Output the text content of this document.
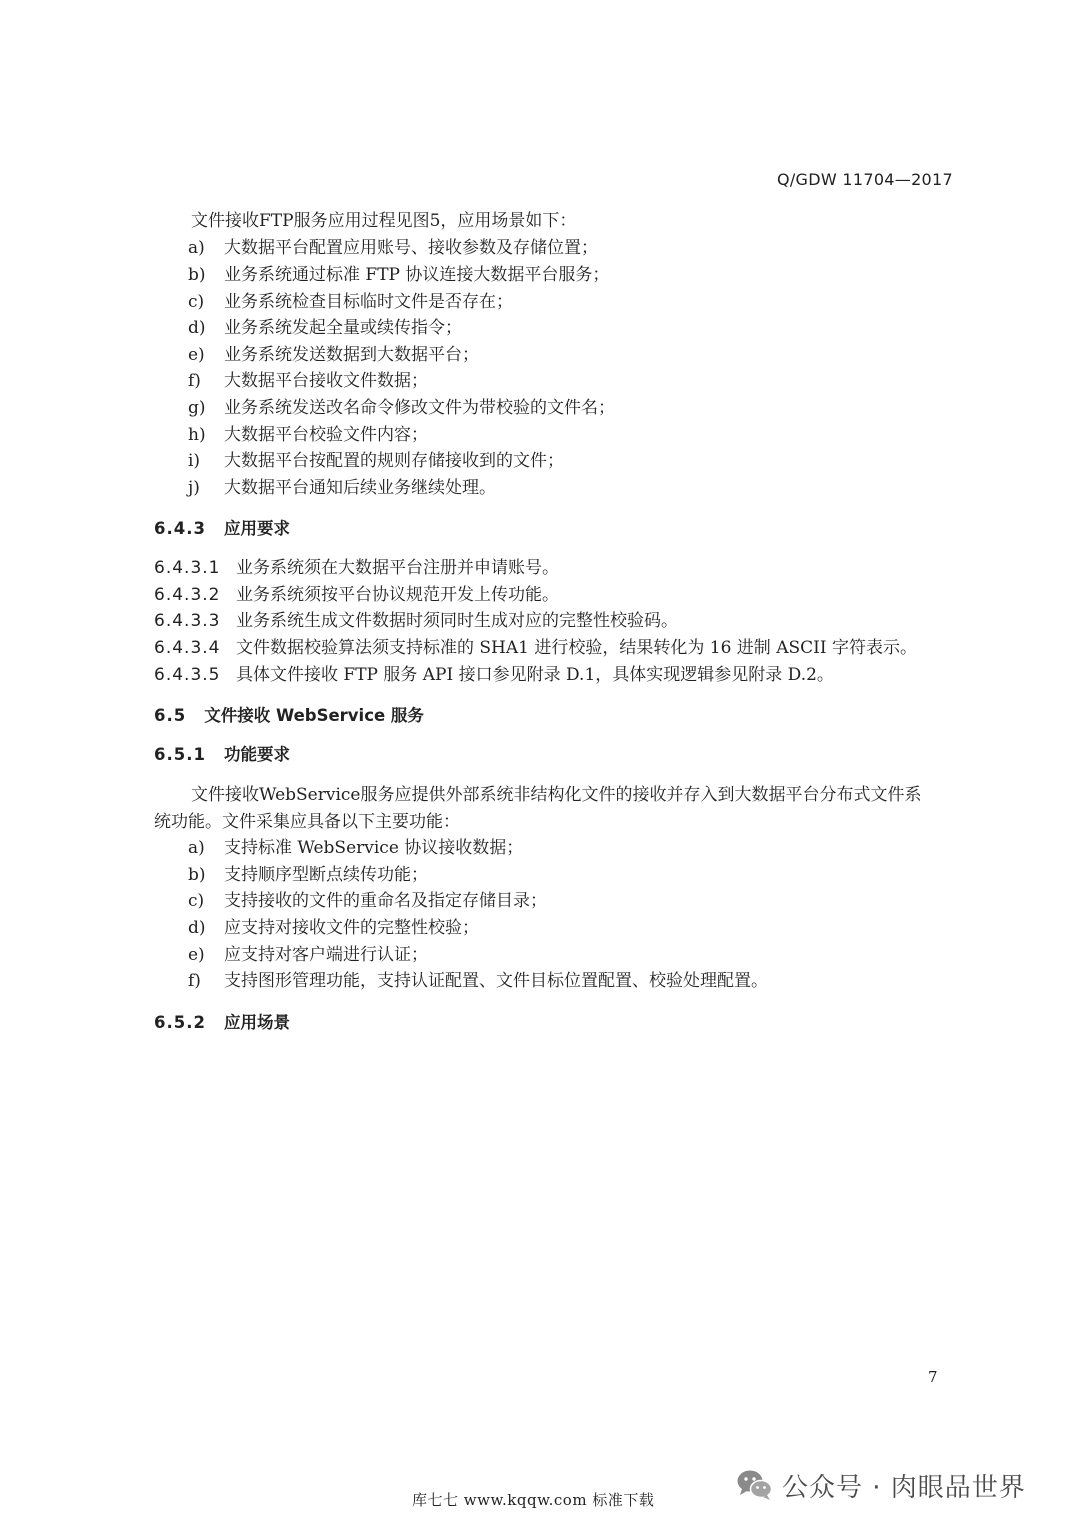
Q/GDW 11704—2017
文件接收FTP服务应用过程见图5，应用场景如下：
a) 大数据平台配置应用账号、接收参数及存储位置；
b) 业务系统通过标准 FTP 协议连接大数据平台服务；
c) 业务系统检查目标临时文件是否存在；
d) 业务系统发起全量或续传指令；
e) 业务系统发送数据到大数据平台；
f) 大数据平台接收文件数据；
g) 业务系统发送改名命令修改文件为带校验的文件名；
h) 大数据平台校验文件内容；
i) 大数据平台按配置的规则存储接收到的文件；
j) 大数据平台通知后续业务继续处理。
6.4.3 应用要求
6.4.3.1 业务系统须在大数据平台注册并申请账号。
6.4.3.2 业务系统须按平台协议规范开发上传功能。
6.4.3.3 业务系统生成文件数据时须同时生成对应的完整性校验码。
6.4.3.4 文件数据校验算法须支持标准的 SHA1 进行校验，结果转化为 16 进制 ASCII 字符表示。
6.4.3.5 具体文件接收 FTP 服务 API 接口参见附录 D.1，具体实现逻辑参见附录 D.2。
6.5 文件接收 WebService 服务
6.5.1 功能要求
文件接收WebService服务应提供外部系统非结构化文件的接收并存入到大数据平台分布式文件系
统功能。文件采集应具备以下主要功能：
a) 支持标准 WebService 协议接收数据；
b) 支持顺序型断点续传功能；
c) 支持接收的文件的重命名及指定存储目录；
d) 应支持对接收文件的完整性校验；
e) 应支持对客户端进行认证；
f) 支持图形管理功能，支持认证配置、文件目标位置配置、校验处理配置。
6.5.2 应用场景
7
库七七 www.kqqw.com 标准下载	公众号 · 肉眼品世界
